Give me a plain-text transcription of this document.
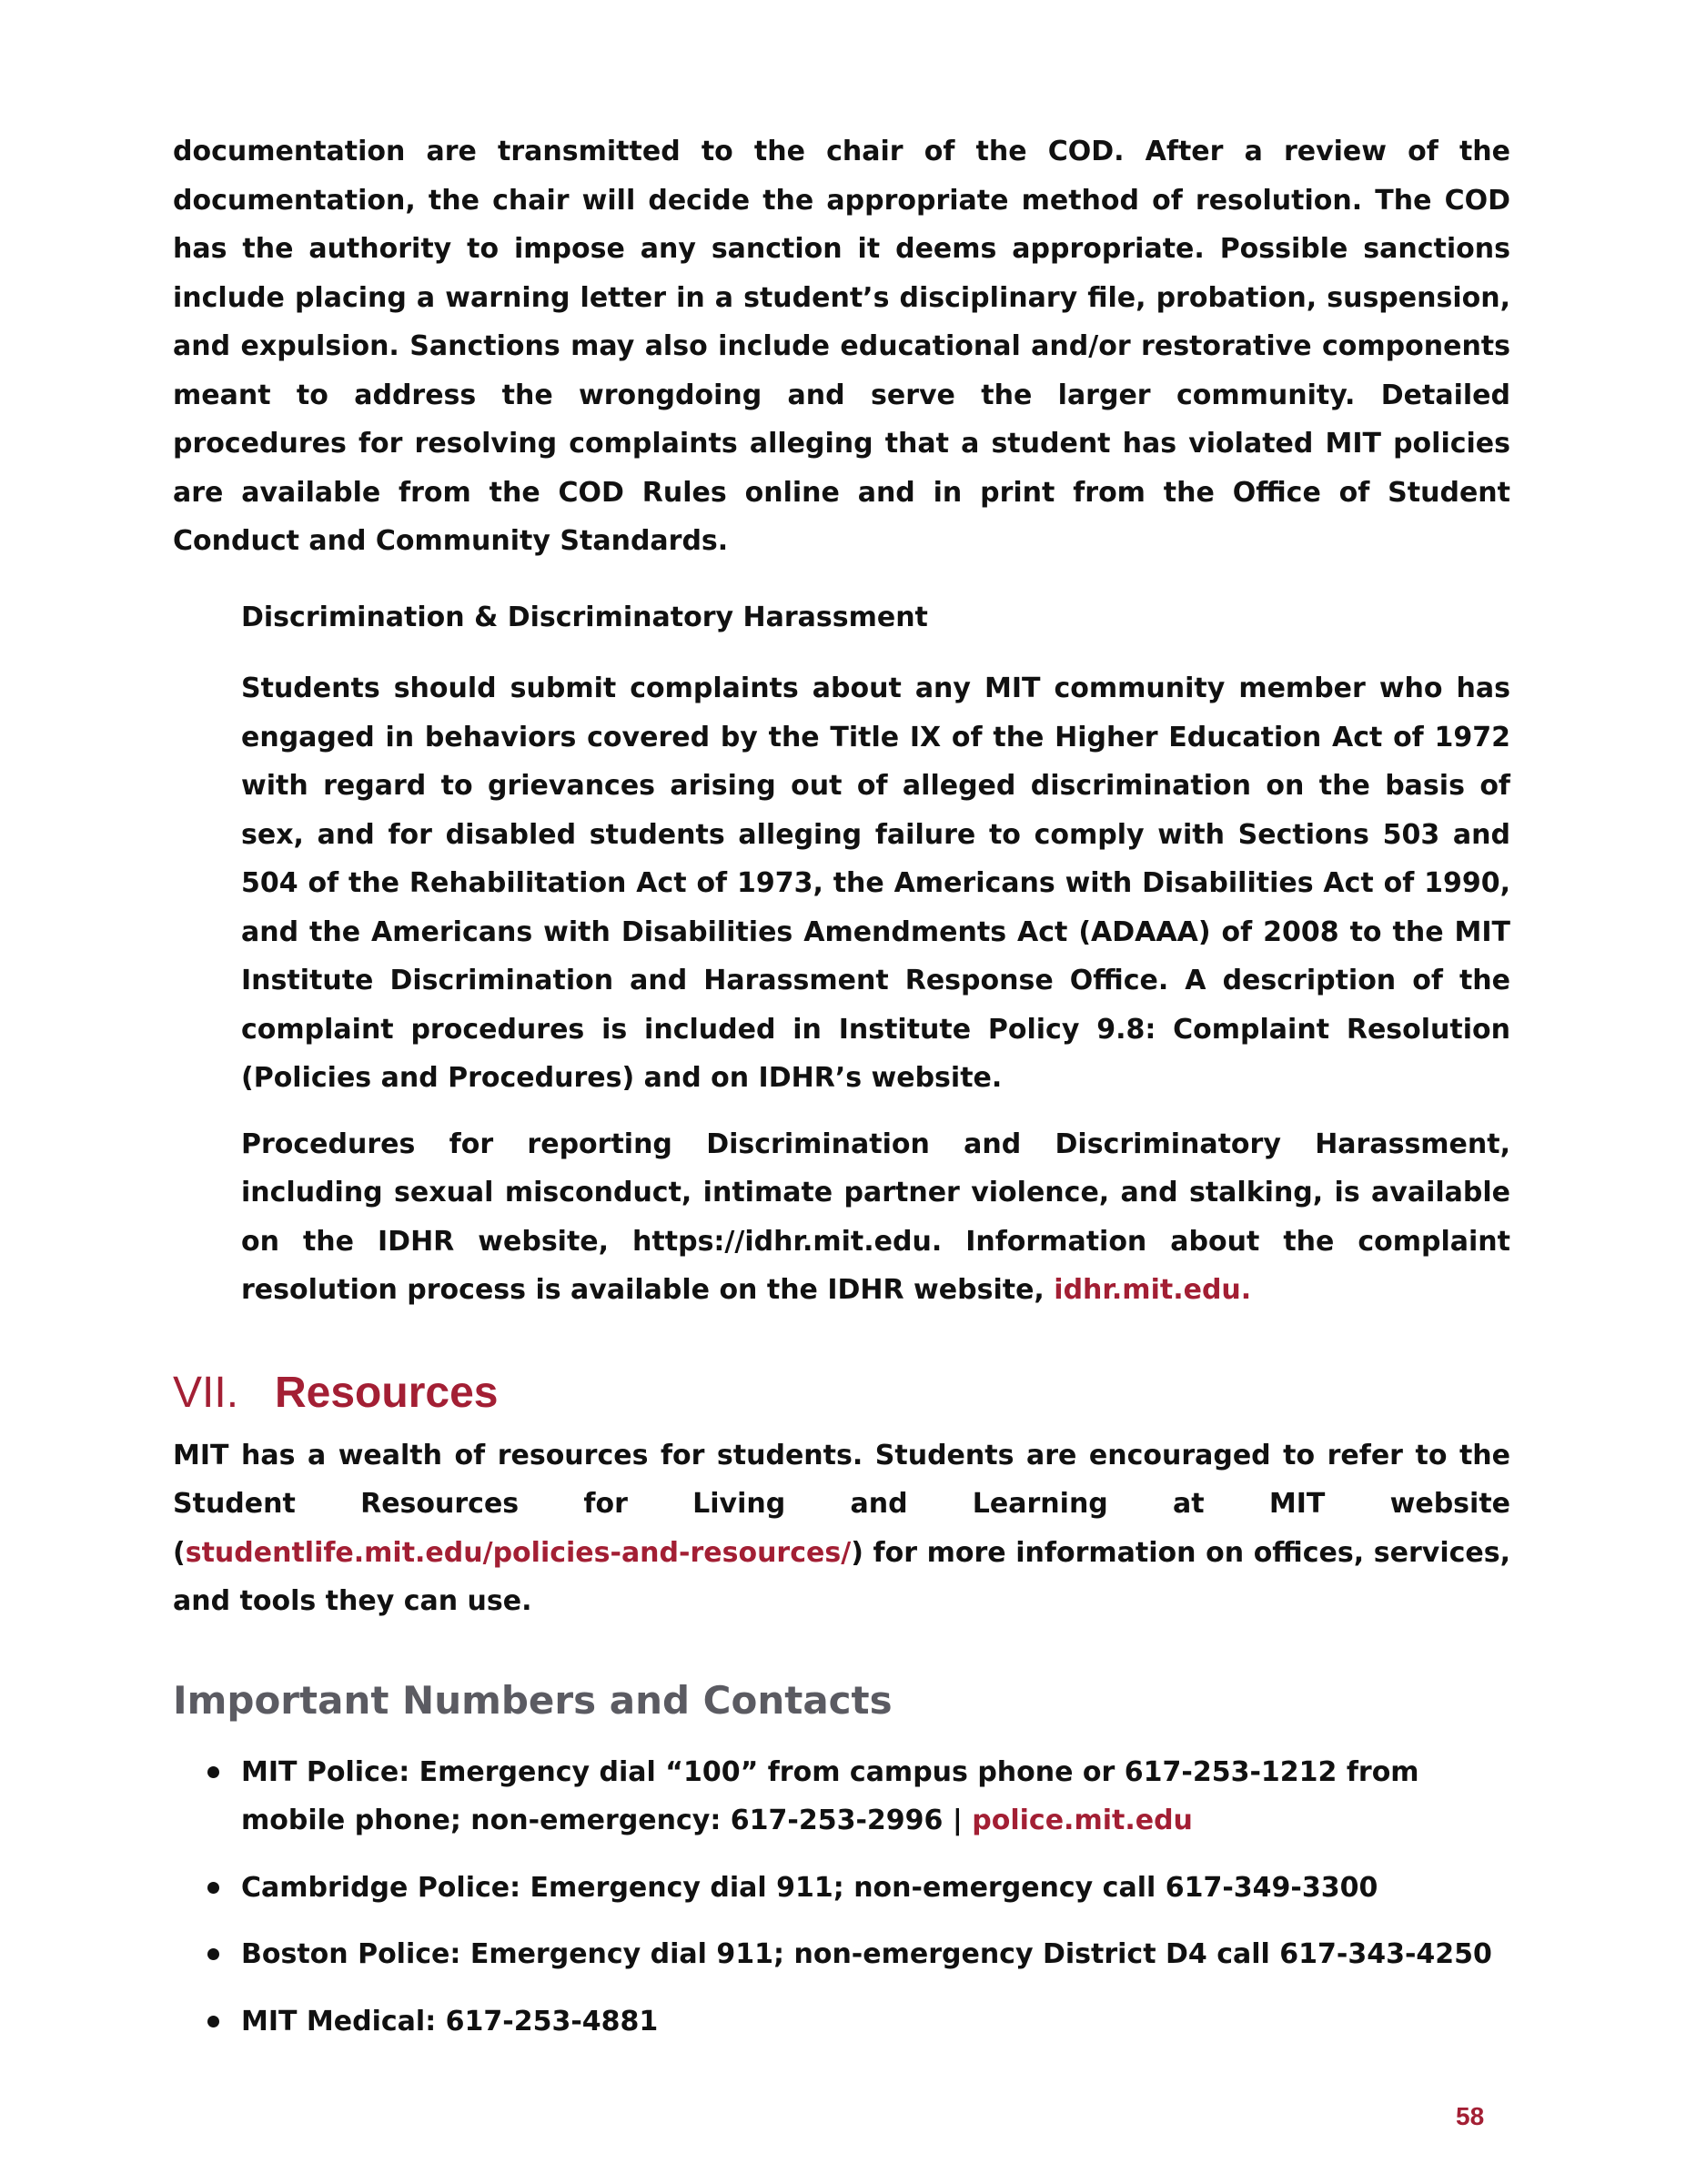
documentation are transmitted to the chair of the COD. After a review of the documentation, the chair will decide the appropriate method of resolution. The COD has the authority to impose any sanction it deems appropriate. Possible sanctions include placing a warning letter in a student’s disciplinary file, probation, suspension, and expulsion. Sanctions may also include educational and/or restorative components meant to address the wrongdoing and serve the larger community. Detailed procedures for resolving complaints alleging that a student has violated MIT policies are available from the COD Rules online and in print from the Office of Student Conduct and Community Standards.

Discrimination & Discriminatory Harassment

Students should submit complaints about any MIT community member who has engaged in behaviors covered by the Title IX of the Higher Education Act of 1972 with regard to grievances arising out of alleged discrimination on the basis of sex, and for disabled students alleging failure to comply with Sections 503 and 504 of the Rehabilitation Act of 1973, the Americans with Disabilities Act of 1990, and the Americans with Disabilities Amendments Act (ADAAA) of 2008 to the MIT Institute Discrimination and Harassment Response Office. A description of the complaint procedures is included in Institute Policy 9.8: Complaint Resolution (Policies and Procedures) and on IDHR’s website.

Procedures for reporting Discrimination and Discriminatory Harassment, including sexual misconduct, intimate partner violence, and stalking, is available on the IDHR website, https://idhr.mit.edu. Information about the complaint resolution process is available on the IDHR website, idhr.mit.edu.

VII. Resources

MIT has a wealth of resources for students. Students are encouraged to refer to the Student Resources for Living and Learning at MIT website (studentlife.mit.edu/policies-and-resources/) for more information on offices, services, and tools they can use.

Important Numbers and Contacts
MIT Police: Emergency dial “100” from campus phone or 617-253-1212 from mobile phone; non-emergency: 617-253-2996 | police.mit.edu
Cambridge Police: Emergency dial 911; non-emergency call 617-349-3300
Boston Police: Emergency dial 911; non-emergency District D4 call 617-343-4250
MIT Medical: 617-253-4881
58
